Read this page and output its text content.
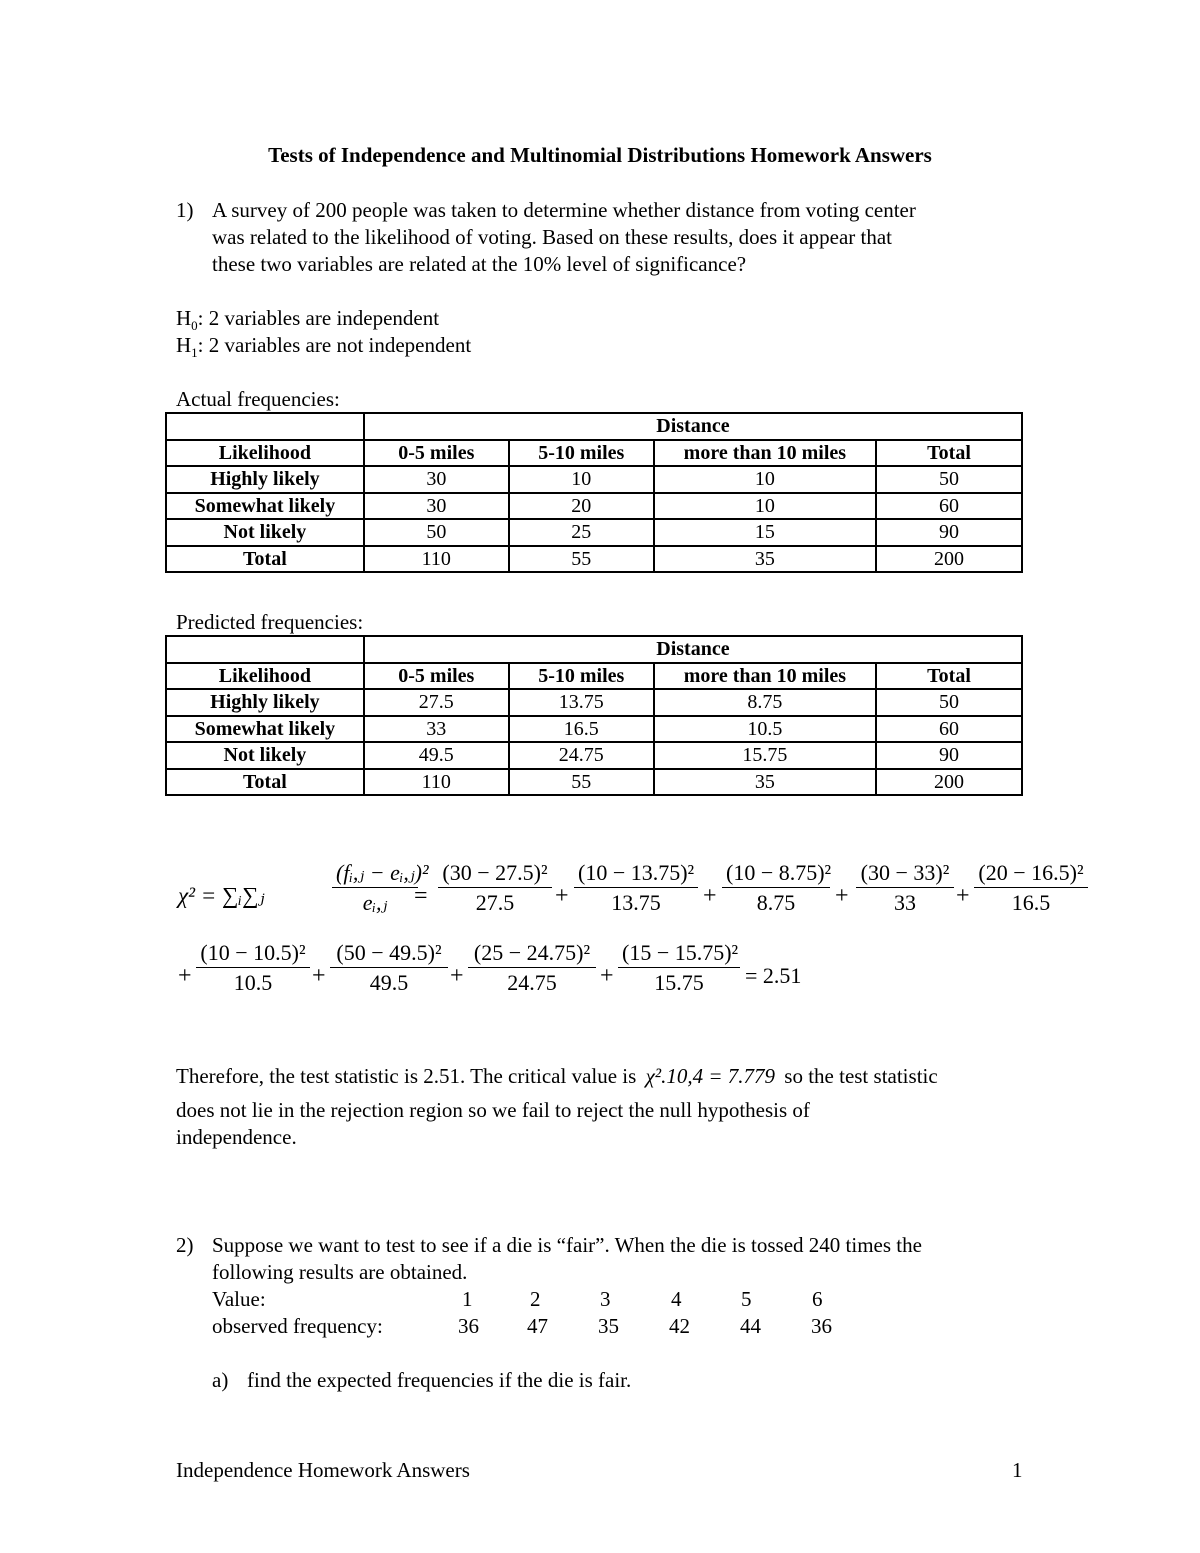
Tests of Independence and Multinomial Distributions Homework Answers
1) A survey of 200 people was taken to determine whether distance from voting center
was related to the likelihood of voting. Based on these results, does it appear that
these two variables are related at the 10% level of significance?
$H_0$: 2 variables are independent
$H_1$: 2 variables are not independent
Actual frequencies:
	Distance			
Likelihood	0-5 miles	5-10 miles	more than 10 miles	Total
Highly likely	30	10	10	50
Somewhat likely	30	20	10	60
Not likely	50	25	15	90
Total	110	55	35	200
Predicted frequencies:
	Distance			
Likelihood	0-5 miles	5-10 miles	more than 10 miles	Total
Highly likely	27.5	13.75	8.75	50
Somewhat likely	33	16.5	10.5	60
Not likely	49.5	24.75	15.75	90
Total	110	55	35	200
χ² = ∑ᵢ∑ⱼ
(fᵢ,ⱼ − eᵢ,ⱼ)²
eᵢ,ⱼ	=
(30 − 27.5)²
27.5	+
(10 − 13.75)²
13.75	+
(10 − 8.75)²
8.75	+
(30 − 33)²
33	+
(20 − 16.5)²
16.5
+
(10 − 10.5)²
10.5	+
(50 − 49.5)²
49.5	+
(25 − 24.75)²
24.75	+
(15 − 15.75)²
15.75	= 2.51
Therefore, the test statistic is 2.51. The critical value is χ².10,4 = 7.779 so the test statistic
does not lie in the rejection region so we fail to reject the null hypothesis of
independence.
2) Suppose we want to test to see if a die is “fair”. When the die is tossed 240 times the
following results are obtained.
Value:	1	2	3	4	5	6
observed frequency:	36 47 35 42 44 36
a) find the expected frequencies if the die is fair.
Independence Homework Answers	1
